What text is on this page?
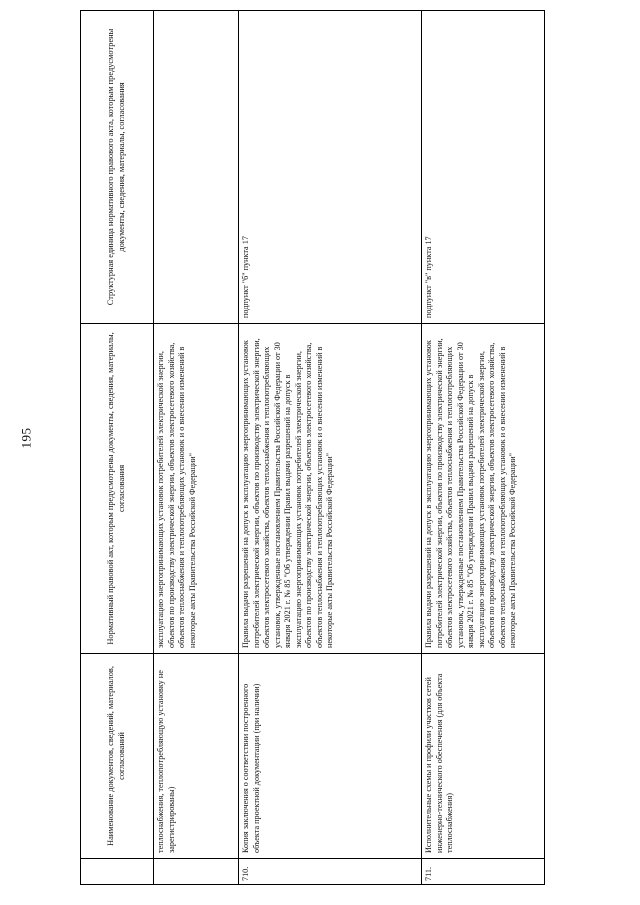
195
	Наименование документов, сведений, материалов, согласований	Нормативный правовой акт, которым предусмотрены документы, сведения, материалы, согласования	Структурная единица нормативного правового акта, которым предусмотрены документы, сведения, материалы, согласования
	теплоснабжения, теплопотребляющую установку не зарегистрированы)	эксплуатацию энергопринимающих установок потребителей электрической энергии, объектов по производству электрической энергии, объектов электросетевого хозяйства, объектов теплоснабжения и теплопотребляющих установок и о внесении изменений в некоторые акты Правительства Российской Федерации"	
710.	Копия заключения о соответствии построенного объекта проектной документации (при наличии)	Правила выдачи разрешений на допуск в эксплуатацию энергопринимающих установок потребителей электрической энергии, объектов по производству электрической энергии, объектов электросетевого хозяйства, объектов теплоснабжения и теплопотребляющих установок, утвержденные постановлением Правительства Российской Федерации от 30 января 2021 г. № 85 "Об утверждении Правил выдачи разрешений на допуск в эксплуатацию энергопринимающих установок потребителей электрической энергии, объектов по производству электрической энергии, объектов электросетевого хозяйства, объектов теплоснабжения и теплопотребляющих установок и о внесении изменений в некоторые акты Правительства Российской Федерации"	подпункт "б" пункта 17
711.	Исполнительные схемы и профили участков сетей инженерно-технического обеспечения (для объекта теплоснабжения)	Правила выдачи разрешений на допуск в эксплуатацию энергопринимающих установок потребителей электрической энергии, объектов по производству электрической энергии, объектов электросетевого хозяйства, объектов теплоснабжения и теплопотребляющих установок, утвержденные постановлением Правительства Российской Федерации от 30 января 2021 г. № 85 "Об утверждении Правил выдачи разрешений на допуск в эксплуатацию энергопринимающих установок потребителей электрической энергии, объектов по производству электрической энергии, объектов электросетевого хозяйства, объектов теплоснабжения и теплопотребляющих установок и о внесении изменений в некоторые акты Правительства Российской Федерации"	подпункт "в" пункта 17
